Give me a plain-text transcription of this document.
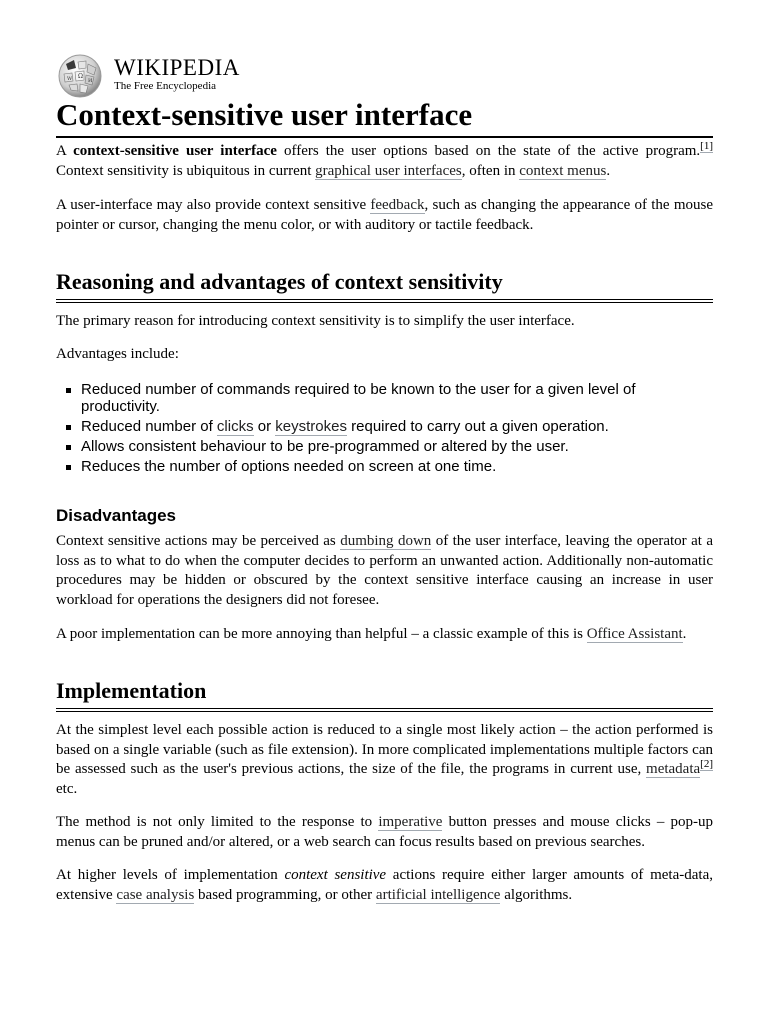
Ω
И
W WIKIPEDIA
The Free Encyclopedia
Context-sensitive user interface

A context-sensitive user interface offers the user options based on the state of the active program.[1] Context sensitivity is ubiquitous in current graphical user interfaces, often in context menus.

A user-interface may also provide context sensitive feedback, such as changing the appearance of the mouse pointer or cursor, changing the menu color, or with auditory or tactile feedback.

Reasoning and advantages of context sensitivity

The primary reason for introducing context sensitivity is to simplify the user interface.

Advantages include:

Reduced number of commands required to be known to the user for a given level of productivity.
Reduced number of clicks or keystrokes required to carry out a given operation.
Allows consistent behaviour to be pre-programmed or altered by the user.
Reduces the number of options needed on screen at one time.
Disadvantages

Context sensitive actions may be perceived as dumbing down of the user interface, leaving the operator at a loss as to what to do when the computer decides to perform an unwanted action. Additionally non-automatic procedures may be hidden or obscured by the context sensitive interface causing an increase in user workload for operations the designers did not foresee.

A poor implementation can be more annoying than helpful – a classic example of this is Office Assistant.

Implementation

At the simplest level each possible action is reduced to a single most likely action – the action performed is based on a single variable (such as file extension). In more complicated implementations multiple factors can be assessed such as the user's previous actions, the size of the file, the programs in current use, metadata[2] etc.

The method is not only limited to the response to imperative button presses and mouse clicks – pop-up menus can be pruned and/or altered, or a web search can focus results based on previous searches.

At higher levels of implementation context sensitive actions require either larger amounts of meta-data, extensive case analysis based programming, or other artificial intelligence algorithms.
